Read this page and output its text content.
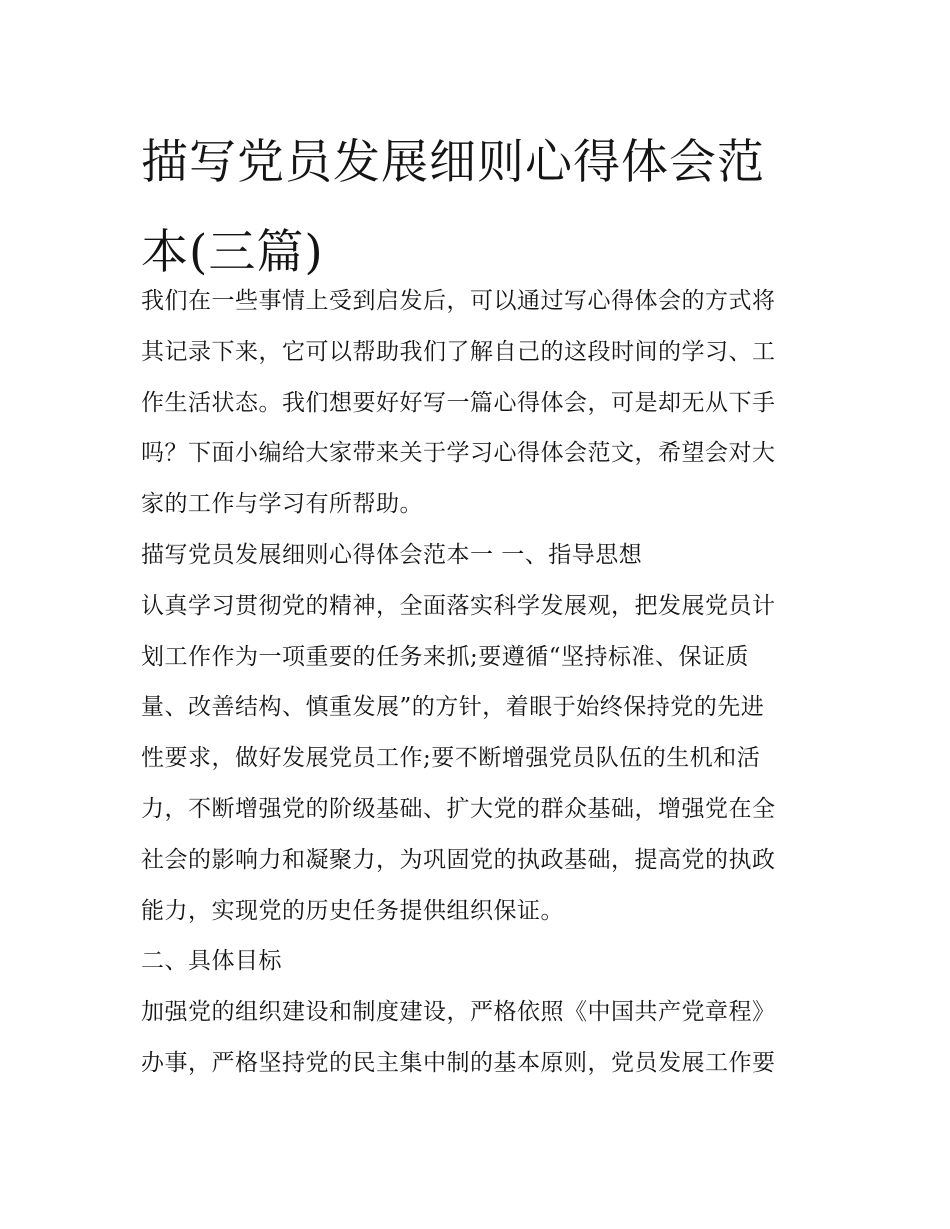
描写党员发展细则心得体会范
本(三篇)

我们在一些事情上受到启发后，可以通过写心得体会的方式将

其记录下来，它可以帮助我们了解自己的这段时间的学习、工

作生活状态。我们想要好好写一篇心得体会，可是却无从下手

吗？下面小编给大家带来关于学习心得体会范文，希望会对大

家的工作与学习有所帮助。

描写党员发展细则心得体会范本一 一、指导思想

认真学习贯彻党的精神，全面落实科学发展观，把发展党员计

划工作作为一项重要的任务来抓;要遵循“坚持标准、保证质

量、改善结构、慎重发展”的方针，着眼于始终保持党的先进

性要求，做好发展党员工作;要不断增强党员队伍的生机和活

力，不断增强党的阶级基础、扩大党的群众基础，增强党在全

社会的影响力和凝聚力，为巩固党的执政基础，提高党的执政

能力，实现党的历史任务提供组织保证。

二、具体目标

加强党的组织建设和制度建设，严格依照《中国共产党章程》

办事，严格坚持党的民主集中制的基本原则，党员发展工作要
